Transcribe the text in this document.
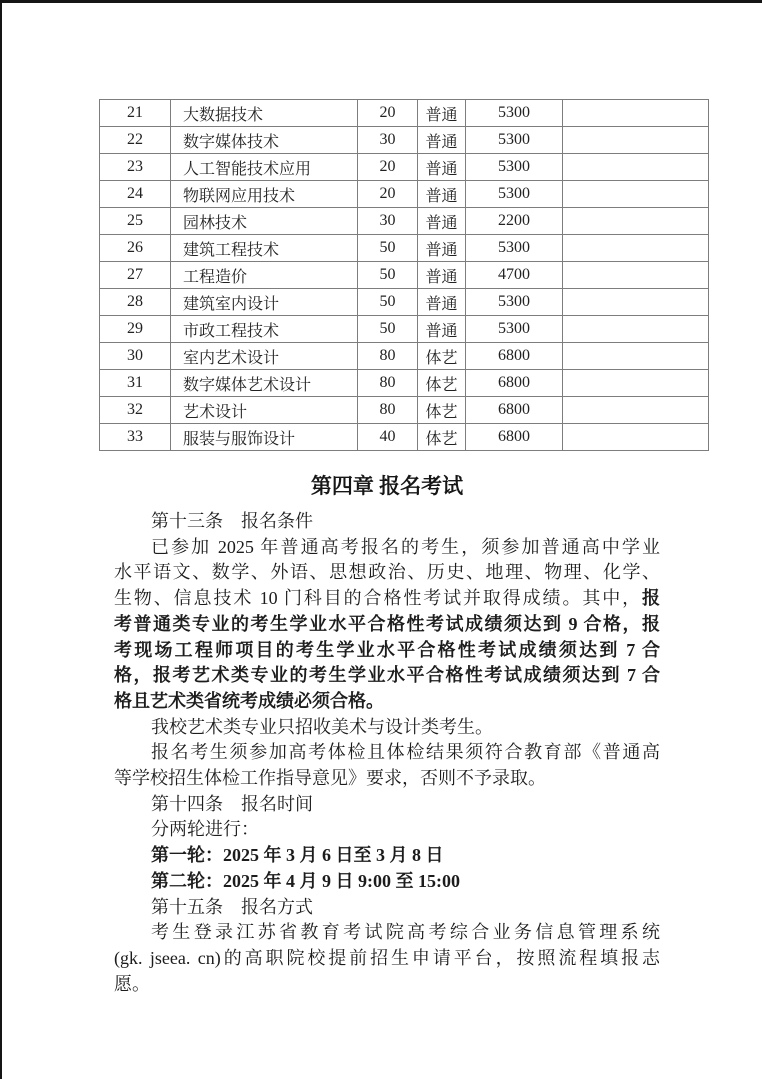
21	大数据技术	20	普通	5300	
22	数字媒体技术	30	普通	5300	
23	人工智能技术应用	20	普通	5300	
24	物联网应用技术	20	普通	5300	
25	园林技术	30	普通	2200	
26	建筑工程技术	50	普通	5300	
27	工程造价	50	普通	4700	
28	建筑室内设计	50	普通	5300	
29	市政工程技术	50	普通	5300	
30	室内艺术设计	80	体艺	6800	
31	数字媒体艺术设计	80	体艺	6800	
32	艺术设计	80	体艺	6800	
33	服装与服饰设计	40	体艺	6800	
第四章 报名考试
第十三条　报名条件
已参加 2025 年普通高考报名的考生，须参加普通高中学业
水平语文、数学、外语、思想政治、历史、地理、物理、化学、
生物、信息技术 10 门科目的合格性考试并取得成绩。其中，报
考普通类专业的考生学业水平合格性考试成绩须达到 9 合格，报
考现场工程师项目的考生学业水平合格性考试成绩须达到 7 合
格，报考艺术类专业的考生学业水平合格性考试成绩须达到 7 合
格且艺术类省统考成绩必须合格。
我校艺术类专业只招收美术与设计类考生。
报名考生须参加高考体检且体检结果须符合教育部《普通高
等学校招生体检工作指导意见》要求，否则不予录取。
第十四条　报名时间
分两轮进行：
第一轮：2025 年 3 月 6 日至 3 月 8 日
第二轮：2025 年 4 月 9 日 9:00 至 15:00
第十五条　报名方式
考生登录江苏省教育考试院高考综合业务信息管理系统
(gk. jseea. cn)的高职院校提前招生申请平台，按照流程填报志
愿。
